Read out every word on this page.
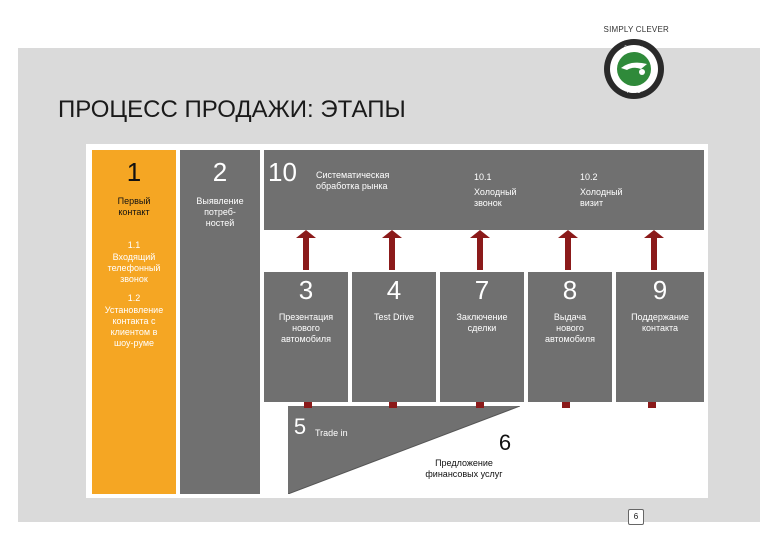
SIMPLY CLEVER
ŠKODA
AUTO
ПРОЦЕСС ПРОДАЖИ: ЭТАПЫ
1
Первый
контакт
1.1
Входящий
телефонный
звонок
1.2
Установление
контакта с
клиентом в
шоу-руме
2
Выявление
потреб-
ностей
10	Систематическая
обработка рынка
10.1
Холодный
звонок
10.2
Холодный
визит
3
Презентация
нового
автомобиля
4
Test Drive
7
Заключение
сделки
8
Выдача
нового
автомобиля
9
Поддержание
контакта
5 Trade in	6
Предложение
финансовых услуг
6
